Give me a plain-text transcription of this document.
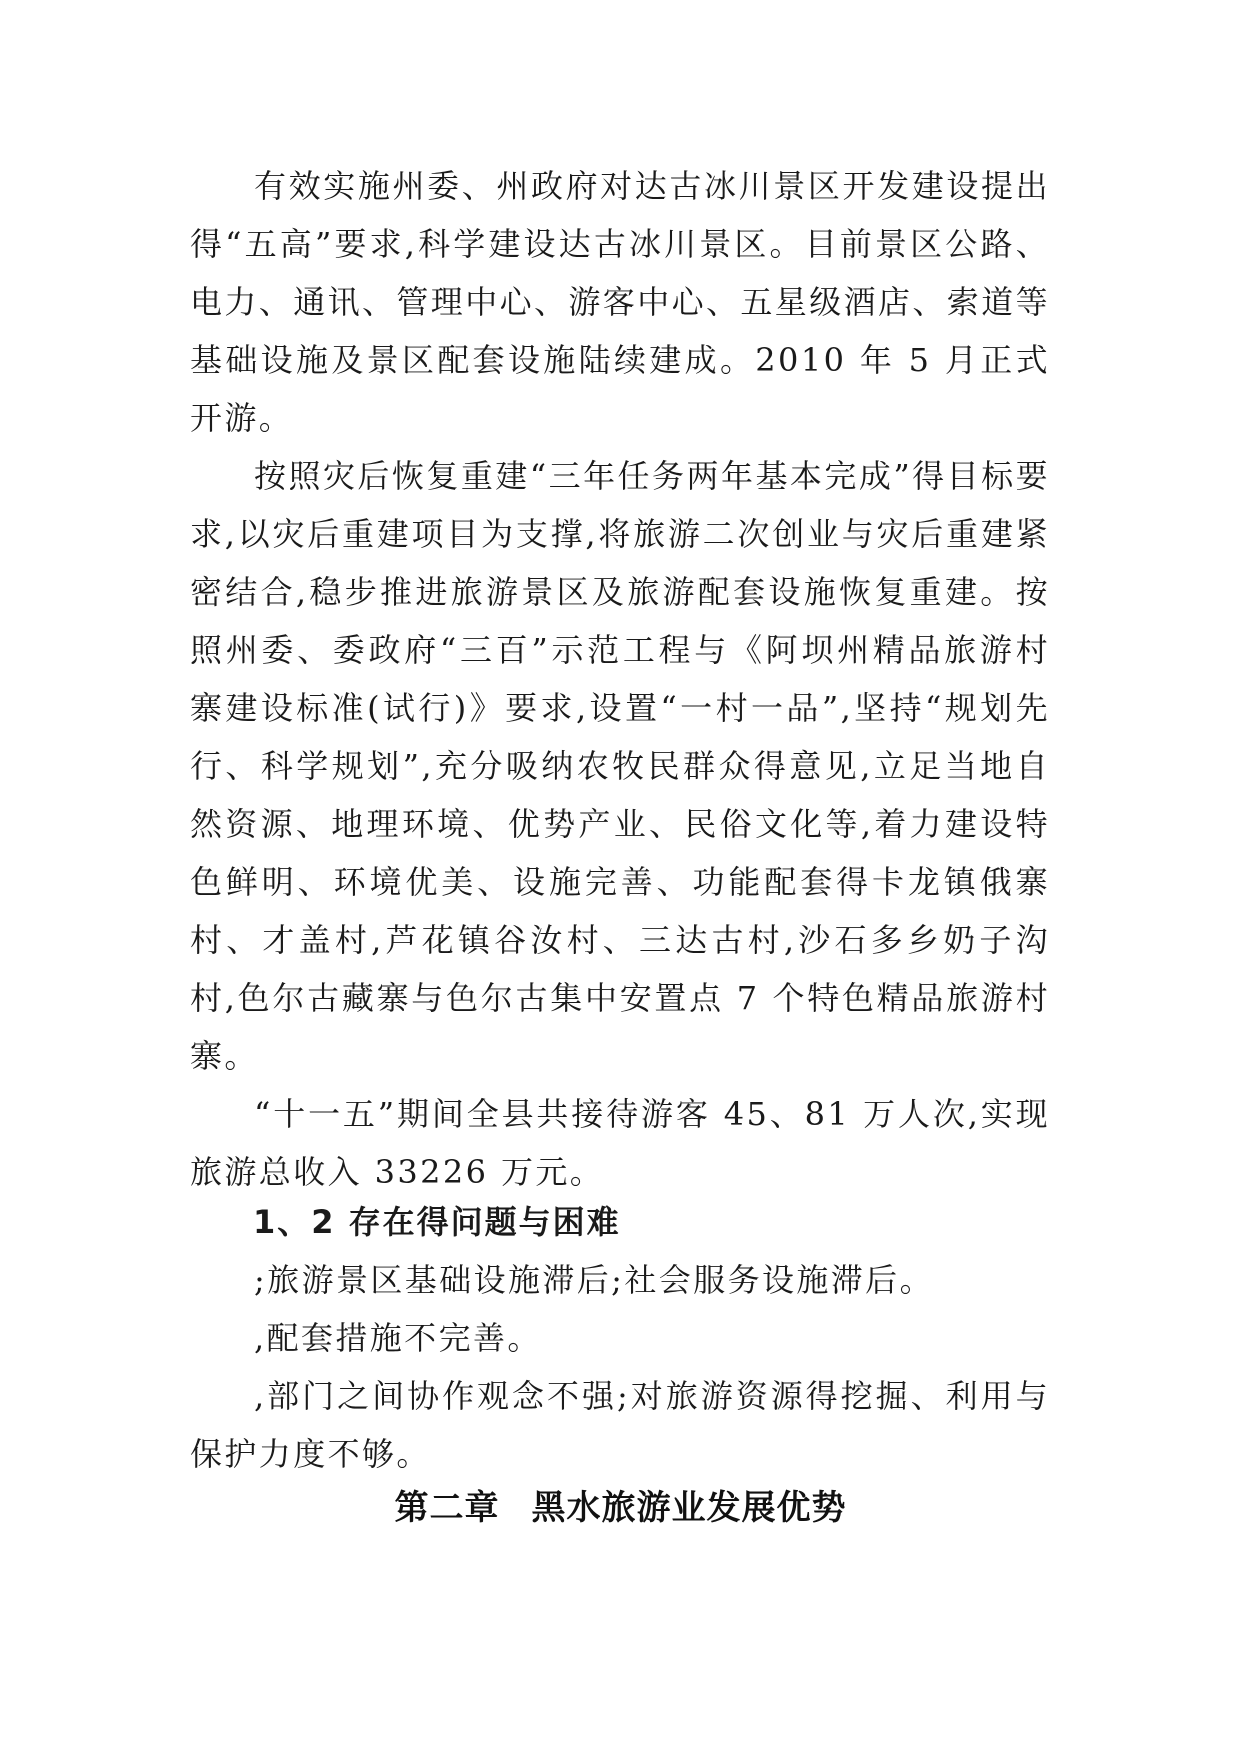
有效实施州委、州政府对达古冰川景区开发建设提出得“五高”要求,科学建设达古冰川景区。目前景区公路、电力、通讯、管理中心、游客中心、五星级酒店、索道等基础设施及景区配套设施陆续建成。2010 年 5 月正式开游。

按照灾后恢复重建“三年任务两年基本完成”得目标要求,以灾后重建项目为支撑,将旅游二次创业与灾后重建紧密结合,稳步推进旅游景区及旅游配套设施恢复重建。按照州委、委政府“三百”示范工程与《阿坝州精品旅游村寨建设标准(试行)》要求,设置“一村一品”,坚持“规划先行、科学规划”,充分吸纳农牧民群众得意见,立足当地自然资源、地理环境、优势产业、民俗文化等,着力建设特色鲜明、环境优美、设施完善、功能配套得卡龙镇俄寨村、才盖村,芦花镇谷汝村、三达古村,沙石多乡奶子沟村,色尔古藏寨与色尔古集中安置点 7 个特色精品旅游村寨。

“十一五”期间全县共接待游客 45、81 万人次,实现旅游总收入 33226 万元。

1、2 存在得问题与困难

;旅游景区基础设施滞后;社会服务设施滞后。

,配套措施不完善。

,部门之间协作观念不强;对旅游资源得挖掘、利用与保护力度不够。

第二章 黑水旅游业发展优势
